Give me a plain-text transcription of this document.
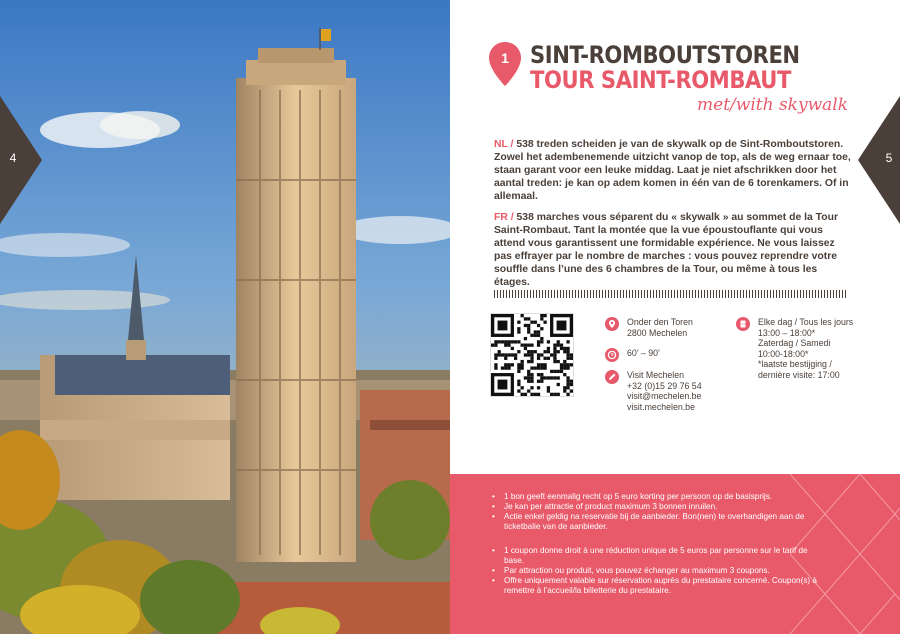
4	5
1 SINT-ROMBOUTSTOREN
TOUR SAINT-ROMBAUT
met/with skywalk

NL / 538 treden scheiden je van de skywalk op de Sint-Romboutstoren. Zowel het adembenemende uitzicht vanop de top, als de weg ernaar toe, staan garant voor een leuke middag. Laat je niet afschrikken door het aantal treden: je kan op adem komen in één van de 6 torenkamers. Of in allemaal.

FR / 538 marches vous séparent du « skywalk » au sommet de la Tour Saint-Rombaut. Tant la montée que la vue époustouflante qui vous attend vous garantissent une formidable expérience. Ne vous laissez pas effrayer par le nombre de marches : vous pouvez reprendre votre souffle dans l’une des 6 chambres de la Tour, ou même à tous les étages.

Onder den Toren
2800 Mechelen
60’ – 90’
Visit Mechelen
+32 (0)15 29 76 54
visit@mechelen.be
visit.mechelen.be
Elke dag / Tous les jours
13:00 – 18:00*
Zaterdag / Samedi
10:00-18:00*
*laatste bestijging /
dernière visite: 17:00
• 1 bon geeft eenmalig recht op 5 euro korting per persoon op de basisprijs.
• Je kan per attractie of product maximum 3 bonnen inruilen.
• Actie enkel geldig na reservatie bij de aanbieder. Bon(nen) te overhandigen aan de ticketbalie van de aanbieder.
• 1 coupon donne droit à une réduction unique de 5 euros par personne sur le tarif de base.
• Par attraction ou produit, vous pouvez échanger au maximum 3 coupons.
• Offre uniquement valable sur réservation auprès du prestataire concerné. Coupon(s) à remettre à l’accueil/la billetterie du prestataire.
